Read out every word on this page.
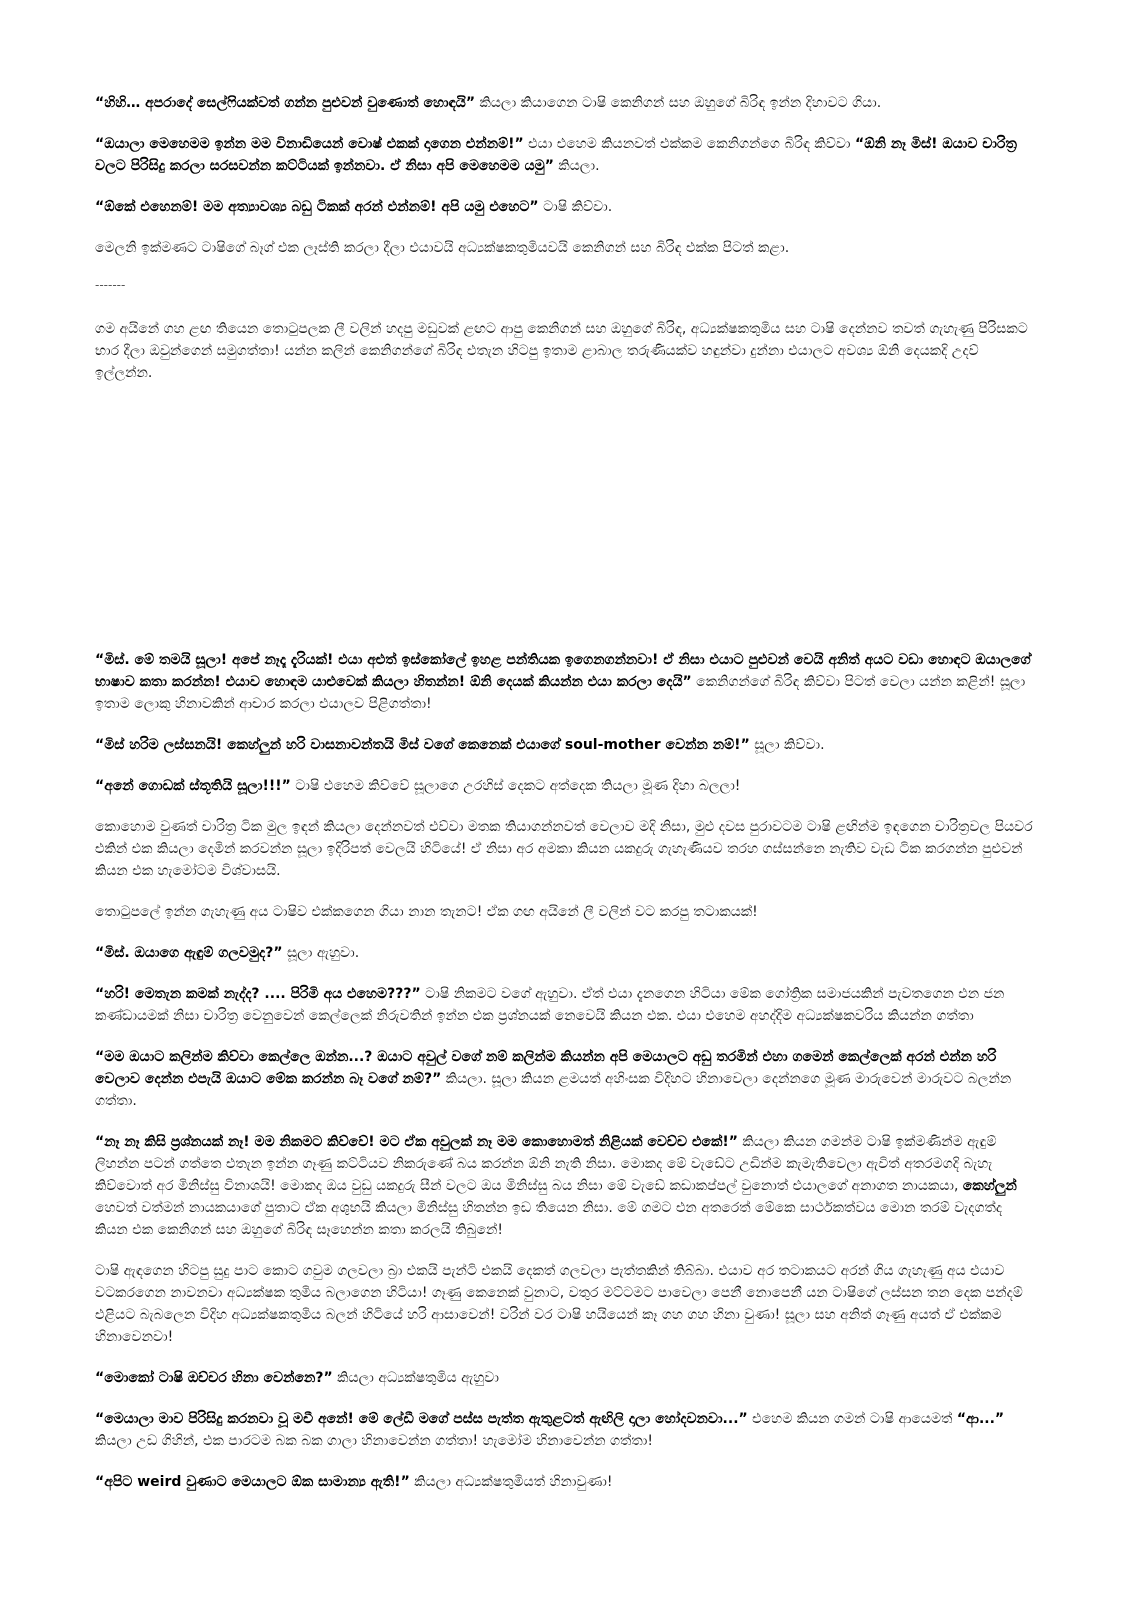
“හිහි… අපරාදේ සෙල්ෆියක්වත් ගන්න පුළුවන් වුණොත් හොඳයි” කියලා කියාගෙන ටාෂි කෙනිගන් සහ ඔහුගේ බිරිඳ ඉන්න දිහාවට ගියා.

“ඔයාලා මෙහෙමම ඉන්න මම විනාඩියෙන් වොෂ් එකක් දාගෙන එන්නම්!” එයා එහෙම කියනවත් එක්කම කෙනිගන්ගෙ බිරිඳ කිව්වා “ඕනි නෑ මිස්! ඔයාව චාරිත්‍ර වලට පිරිසිදු කරලා සරසවන්න කට්ටියක් ඉන්නවා. ඒ නිසා අපි මෙහෙමම යමු” කියලා.

“ඕකේ එහෙනම්! මම අත්‍යාවශ්‍ය බඩු ටිකක් අරන් එන්නම්! අපි යමු එහෙට” ටාෂි කිව්වා.

මෙලනි ඉක්මණට ටාෂිගේ බෑග් එක ලෑස්ති කරලා දීලා එයාවයි අධ්‍යක්ෂකතුමියවයි කෙනිගන් සහ බිරිඳ එක්ක පිටත් කළා.

-------

ගම අයිනේ ගහ ළඟ තියෙන තොටුපලක ලී වලින් හදපු මඩුවක් ළඟට ආපු කෙනිගන් සහ ඔහුගේ බිරිඳ, අධ්‍යක්ෂකතුමිය සහ ටාෂි දෙන්නව තවත් ගැහැණු පිරිසකට භාර දීලා ඔවුන්ගෙන් සමුගත්තා! යන්න කලින් කෙනිගන්ගේ බිරිඳ එතැන හිටපු ඉතාම ළාබාල තරුණියක්ව හඳුන්වා දුන්නා එයාලට අවශ්‍ය ඕනි දෙයකදි උදව් ඉල්ලන්න.

“මිස්. මේ තමයි සූලා! අපේ නෑදෑ දැරියක්! එයා අළුත් ඉස්කෝලේ ඉහළ පන්තියක ඉගෙනගන්නවා! ඒ නිසා එයාට පුළුවන් වෙයි අනිත් අයට වඩා හොඳට ඔයාලගේ භාෂාව කතා කරන්න! එයාව හොඳම යාළුවෙක් කියලා හිතන්න! ඕනි දෙයක් කියන්න එයා කරලා දෙයි” කෙනිගන්ගේ බිරිඳ කිව්වා පිටත් වෙලා යන්න කළින්! සූලා ඉතාම ලොකු හිනාවකින් ආචාර කරලා එයාලව පිළිගත්තා!

“මිස් හරිම ලස්සනයි! කෙහ්ලුන් හරි වාසනාවන්තයි මිස් වගේ කෙනෙක් එයාගේ soul-mother වෙන්න නම්!” සූලා කිව්වා.

“අනේ ගොඩක් ස්තූතියි සූලා!!!” ටාෂි එහෙම කිව්වේ සූලාගෙ උරහිස් දෙකට අත්දෙක තියලා මූණ දිහා බලලා!

කොහොම වුණත් චාරිත්‍ර ටික මුල ඉඳන් කියලා දෙන්නවත් එව්වා මතක තියාගන්නවත් වෙලාව මදි නිසා, මුළු දවස පුරාවටම ටාෂි ළඟින්ම ඉඳගෙන චාරිත්‍රවල පියවර එකින් එක කියලා දෙමින් කරවන්න සූලා ඉදිරිපත් වෙලයි හිටියේ! ඒ නිසා අර අමකා කියන යකදුරු ගැහැණියව තරහ ගස්සන්නෙ නැතිව වැඩ ටික කරගන්න පුළුවන් කියන එක හැමෝටම විශ්වාසයි.

තොටුපලේ ඉන්න ගැහැණු අය ටාෂිව එක්කගෙන ගියා නාන තැනට! ඒක ගඟ අයිනේ ලී වලින් වට කරපු තටාකයක්!

“මිස්. ඔයාගෙ ඇඳුම් ගලවමුද?” සූලා ඇහුවා.

“හරි! මෙතැන කමක් නැද්ද? .... පිරිමි අය එහෙම???” ටාෂි නිකමට වගේ ඇහුවා. ඒත් එයා දැනගෙන හිටියා මේක ගෝත්‍රික සමාජයකින් පැවතගෙන එන ජන කණ්ඩායමක් නිසා චාරිත්‍ර වෙනුවෙන් කෙල්ලෙක් නිරුවතින් ඉන්න එක ප්‍රශ්නයක් නෙවෙයි කියන එක. එයා එහෙම අහද්දිම අධ්‍යක්ෂකවරිය කියන්න ගත්තා

“මම ඔයාට කලින්ම කිව්වා කෙල්ලෙ ඔන්න...? ඔයාට අවුල් වගේ නම් කලින්ම කියන්න අපි මෙයාලට අඩු තරමින් එහා ගමෙන් කෙල්ලෙක් අරන් එන්න හරි වෙලාව දෙන්න එපැයි ඔයාට මේක කරන්න බෑ වගේ නම්?” කියලා. සූලා කියන ළමයත් අහිංසක විදිහට හිනාවෙලා දෙන්නගෙ මූණ මාරුවෙන් මාරුවට බලන්න ගත්තා.

“නෑ නෑ කිසි ප්‍රශ්නයක් නෑ! මම නිකමට කිව්වේ! මට ඒක අවුලක් නෑ මම කොහොමත් නිළියක් වෙච්ච එකේ!” කියලා කියන ගමන්ම ටාෂි ඉක්මණින්ම ඇඳුම් ලිහන්න පටන් ගත්තෙ එතැන ඉන්න ගෑණු කට්ටියව නිකරුණේ බය කරන්න ඕනි නැති නිසා. මොකද මේ වැඩේට උඩින්ම කැමැතිවෙලා ඇවිත් අතරමගදි බැහැ කිව්වොත් අර මිනිස්සු විනාශයි! මොකද ඔය වුඩු යකදුරු සීන් වලට ඔය මිනිස්සු බය නිසා මේ වැඩේ කඩාකප්පල් වුනොත් එයාලගේ අනාගත නායකයා, කෙහ්ලුන් හෙවත් වත්මන් නායකයාගේ පුතාට ඒක අශුභයි කියලා මිනිස්සු හිතන්න ඉඩ තියෙන නිසා. මේ ගමට එන අතරෙත් මේකෙ සාර්ථකත්වය මොන තරම් වැදගත්ද කියන එක කෙනිගන් සහ ඔහුගේ බිරිඳ සෑහෙන්න කතා කරලයි තිබුනේ!

ටාෂි ඇඳගෙන හිටපු සුදු පාට කොට ගවුම ගලවලා බ්‍රා එකයි පැන්ටි එකයි දෙකත් ගලවලා පැත්තකින් තිබ්බා. එයාව අර තටාකයට අරන් ගිය ගැහැණු අය එයාව වටකරගෙන නාවනවා අධ්‍යක්ෂක තුමිය බලාගෙන හිටියා! ගෑණු කෙනෙක් වුනාට, වතුර මට්ටමට පාවෙලා පෙනී නොපෙනී යන ටාෂිගේ ලස්සන තන දෙක පන්දම් එළියට බැබලෙන විදිහ අධ්‍යක්ෂකතුමිය බලන් හිටියේ හරි ආසාවෙන්! වරින් වර ටාෂි හයියෙන් කෑ ගහ ගහ හිනා වුණා! සූලා සහ අනිත් ගෑණු අයත් ඒ එක්කම හිනාවෙනවා!

“මොකෝ ටාෂි ඔච්චර හිනා වෙන්නෙ?” කියලා අධ්‍යක්ෂතුමිය ඇහුවා

“මෙයාලා මාව පිරිසිදු කරනවා වූ මචී අනේ! මේ ලේඩී මගේ පස්ස පැත්ත ඇතුළටත් ඇඟිලි දාලා හෝදවනවා...” එහෙම කියන ගමන් ටාෂි ආයෙමත් “ආ...” කියලා උඩ ගිහින්, එක පාරටම බක බක ගාලා හිනාවෙන්න ගත්තා! හැමෝම හිනාවෙන්න ගත්තා!

“අපිට weird වුණාට මෙයාලට ඕක සාමාන්‍ය ඇති!” කියලා අධ්‍යක්ෂතුමියත් හිනාවුණා!
